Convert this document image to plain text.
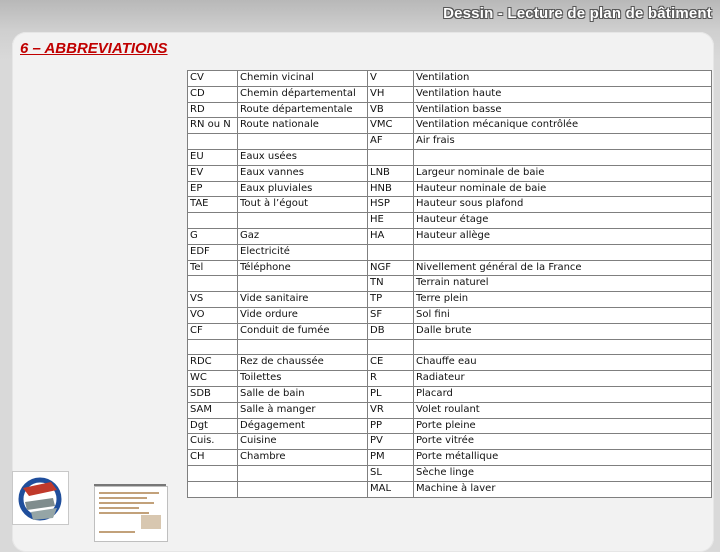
Dessin - Lecture de plan de bâtiment
6 – ABBREVIATIONS
CV	Chemin vicinal	V	Ventilation
CD	Chemin départemental	VH	Ventilation haute
RD	Route départementale	VB	Ventilation basse
RN ou N	Route nationale	VMC	Ventilation mécanique contrôlée
		AF	Air frais
EU	Eaux usées		
EV	Eaux vannes	LNB	Largeur nominale de baie
EP	Eaux pluviales	HNB	Hauteur nominale de baie
TAE	Tout à l’égout	HSP	Hauteur sous plafond
		HE	Hauteur étage
G	Gaz	HA	Hauteur allège
EDF	Electricité		
Tel	Téléphone	NGF	Nivellement général de la France
		TN	Terrain naturel
VS	Vide sanitaire	TP	Terre plein
VO	Vide ordure	SF	Sol fini
CF	Conduit de fumée	DB	Dalle brute

RDC	Rez de chaussée	CE	Chauffe eau
WC	Toilettes	R	Radiateur
SDB	Salle de bain	PL	Placard
SAM	Salle à manger	VR	Volet roulant
Dgt	Dégagement	PP	Porte pleine
Cuis.	Cuisine	PV	Porte vitrée
CH	Chambre	PM	Porte métallique
		SL	Sèche linge
		MAL	Machine à laver
